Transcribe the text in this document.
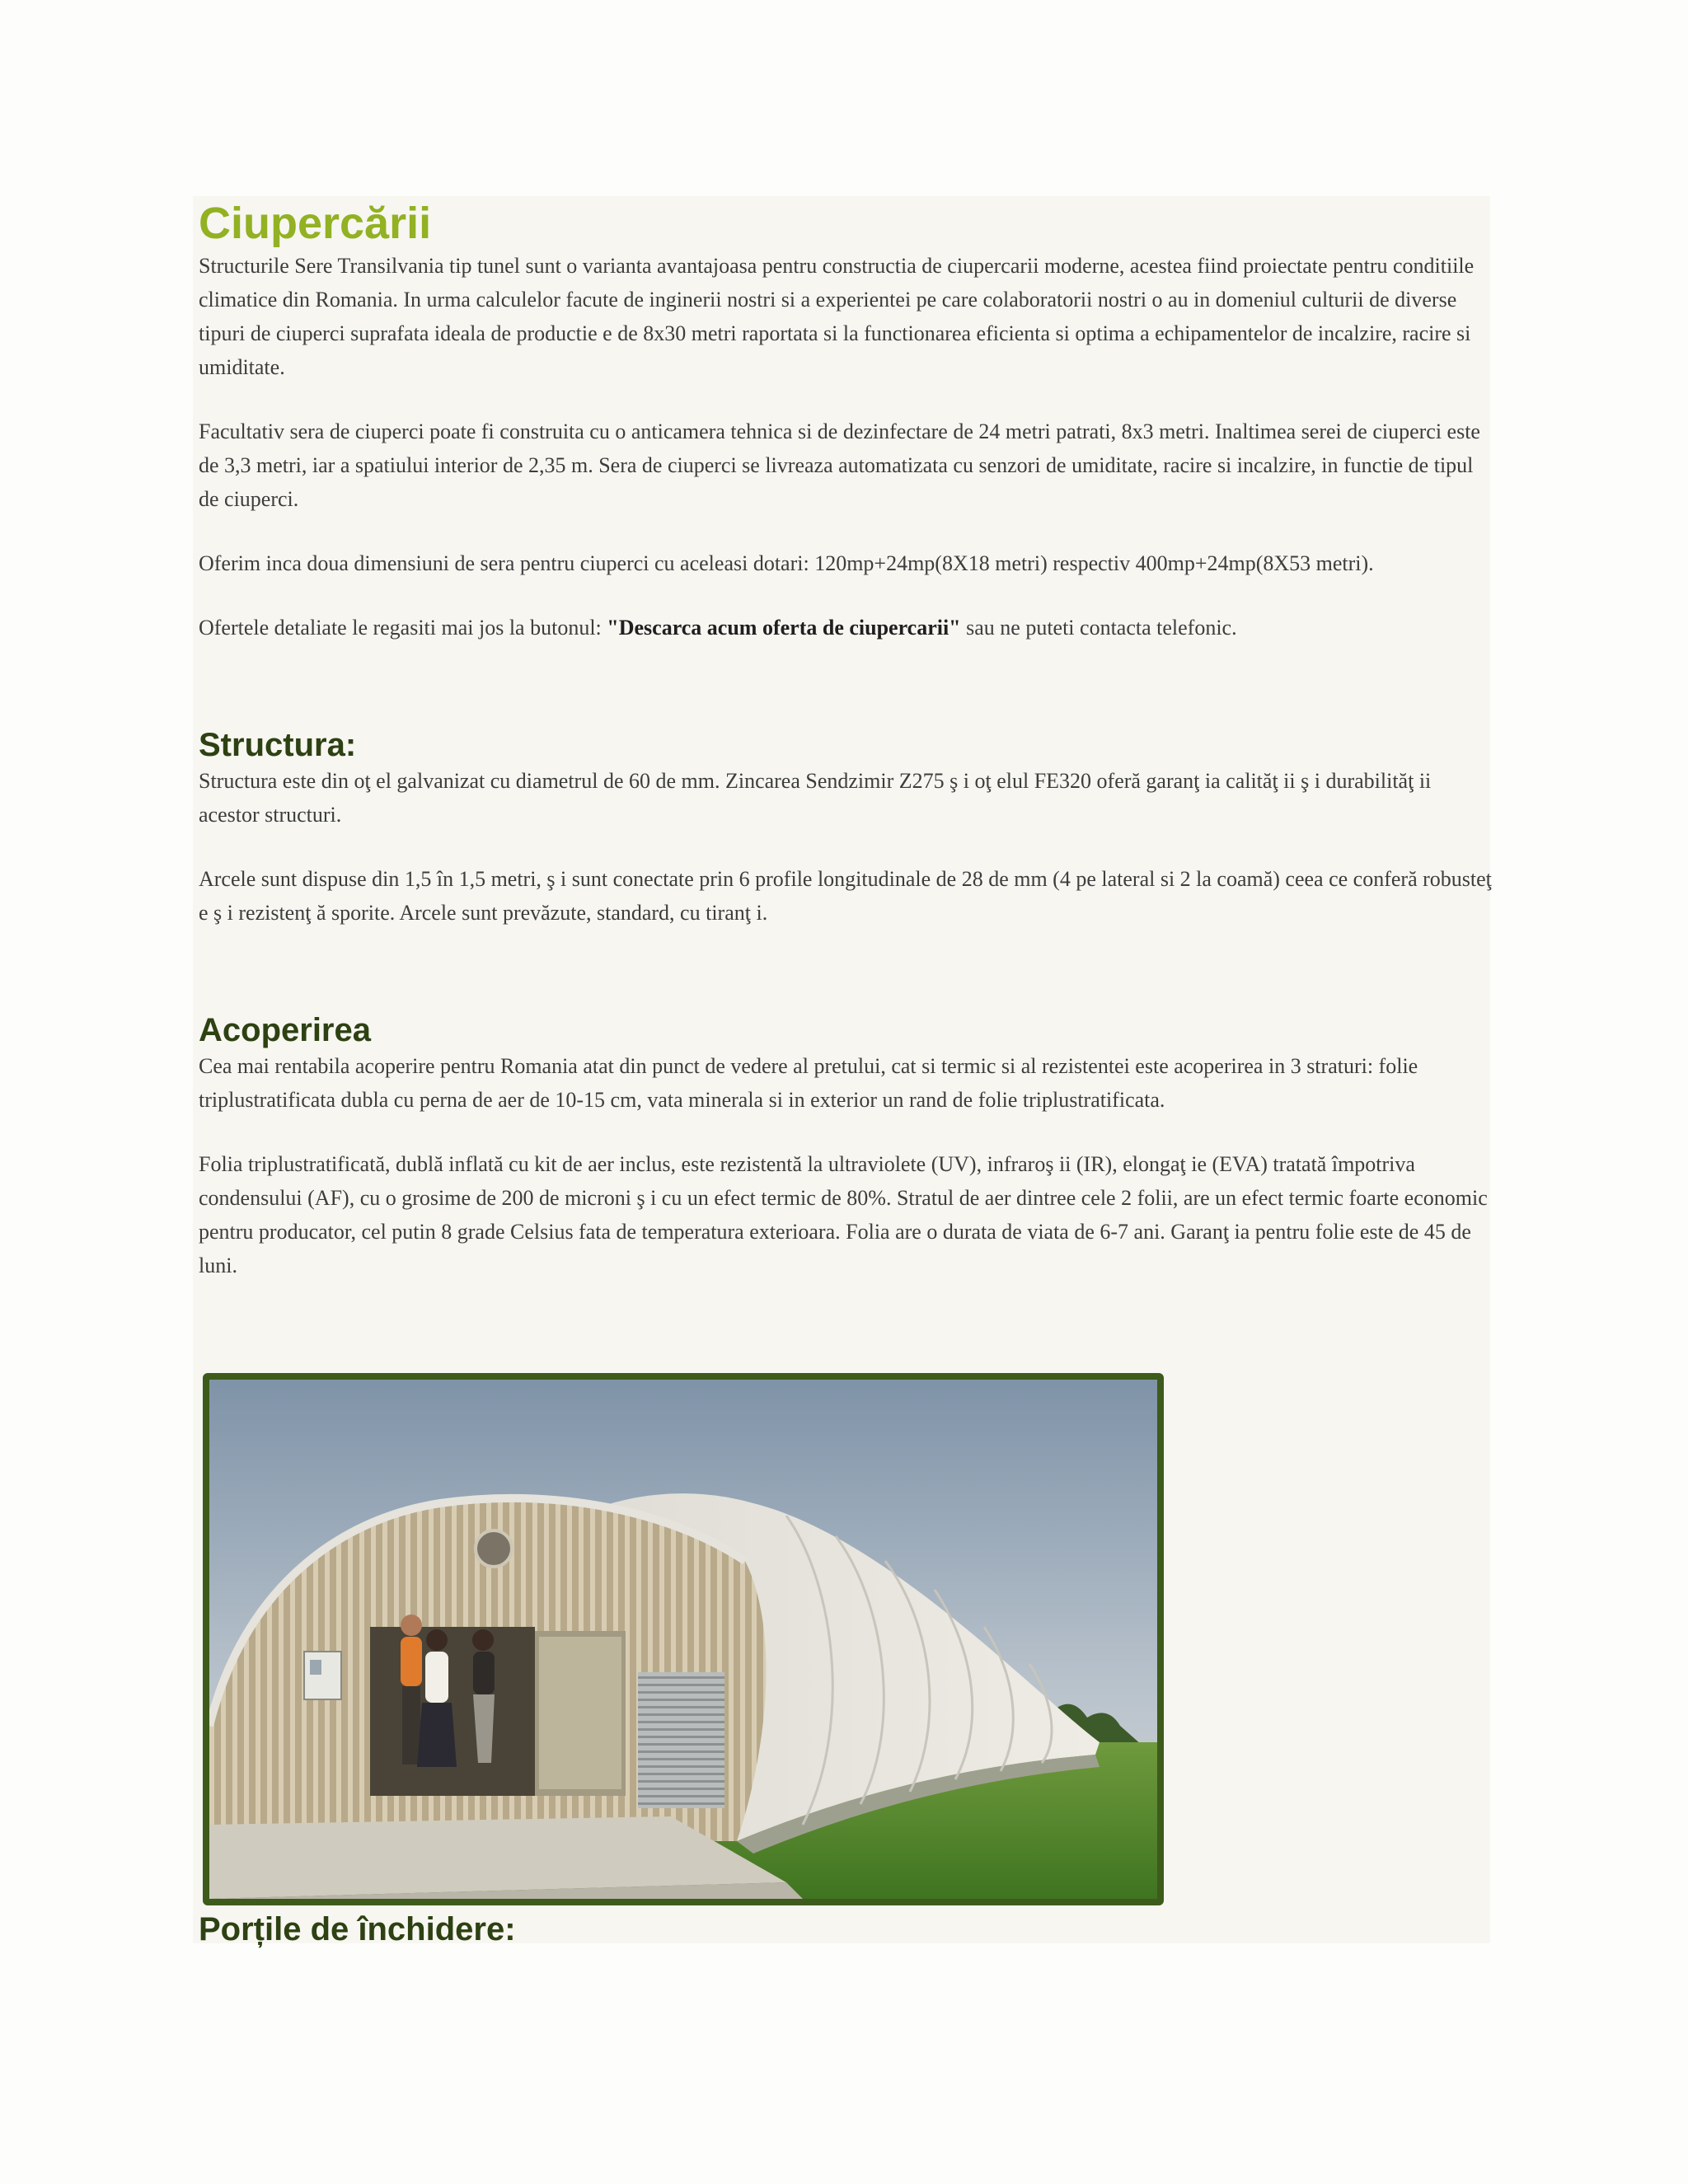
Ciupercării

Structurile Sere Transilvania tip tunel sunt o varianta avantajoasa pentru constructia de ciupercarii moderne, acestea fiind proiectate pentru conditiile climatice din Romania. In urma calculelor facute de inginerii nostri si a experientei pe care colaboratorii nostri o au in domeniul culturii de diverse tipuri de ciuperci suprafata ideala de productie e de 8x30 metri raportata si la functionarea eficienta si optima a echipamentelor de incalzire, racire si umiditate.

Facultativ sera de ciuperci poate fi construita cu o anticamera tehnica si de dezinfectare de 24 metri patrati, 8x3 metri. Inaltimea serei de ciuperci este de 3,3 metri, iar a spatiului interior de 2,35 m. Sera de ciuperci se livreaza automatizata cu senzori de umiditate, racire si incalzire, in functie de tipul de ciuperci.

Oferim inca doua dimensiuni de sera pentru ciuperci cu aceleasi dotari: 120mp+24mp(8X18 metri) respectiv 400mp+24mp(8X53 metri).

Ofertele detaliate le regasiti mai jos la butonul: "Descarca acum oferta de ciupercarii" sau ne puteti contacta telefonic.

Structura:

Structura este din oţ el galvanizat cu diametrul de 60 de mm. Zincarea Sendzimir Z275 ş i oţ elul FE320 oferă garanţ ia calităţ ii ş i durabilităţ ii acestor structuri.

Arcele sunt dispuse din 1,5 în 1,5 metri, ş i sunt conectate prin 6 profile longitudinale de 28 de mm (4 pe lateral si 2 la coamă) ceea ce conferă robusteţ e ş i rezistenţ ă sporite. Arcele sunt prevăzute, standard, cu tiranţ i.

Acoperirea

Cea mai rentabila acoperire pentru Romania atat din punct de vedere al pretului, cat si termic si al rezistentei este acoperirea in 3 straturi: folie triplustratificata dubla cu perna de aer de 10-15 cm, vata minerala si in exterior un rand de folie triplustratificata.

Folia triplustratificată, dublă inflată cu kit de aer inclus, este rezistentă la ultraviolete (UV), infraroş ii (IR), elongaţ ie (EVA) tratată împotriva condensului (AF), cu o grosime de 200 de microni ş i cu un efect termic de 80%. Stratul de aer dintree cele 2 folii, are un efect termic foarte economic pentru producator, cel putin 8 grade Celsius fata de temperatura exterioara. Folia are o durata de viata de 6-7 ani. Garanţ ia pentru folie este de 45 de luni.

Porțile de închidere:
